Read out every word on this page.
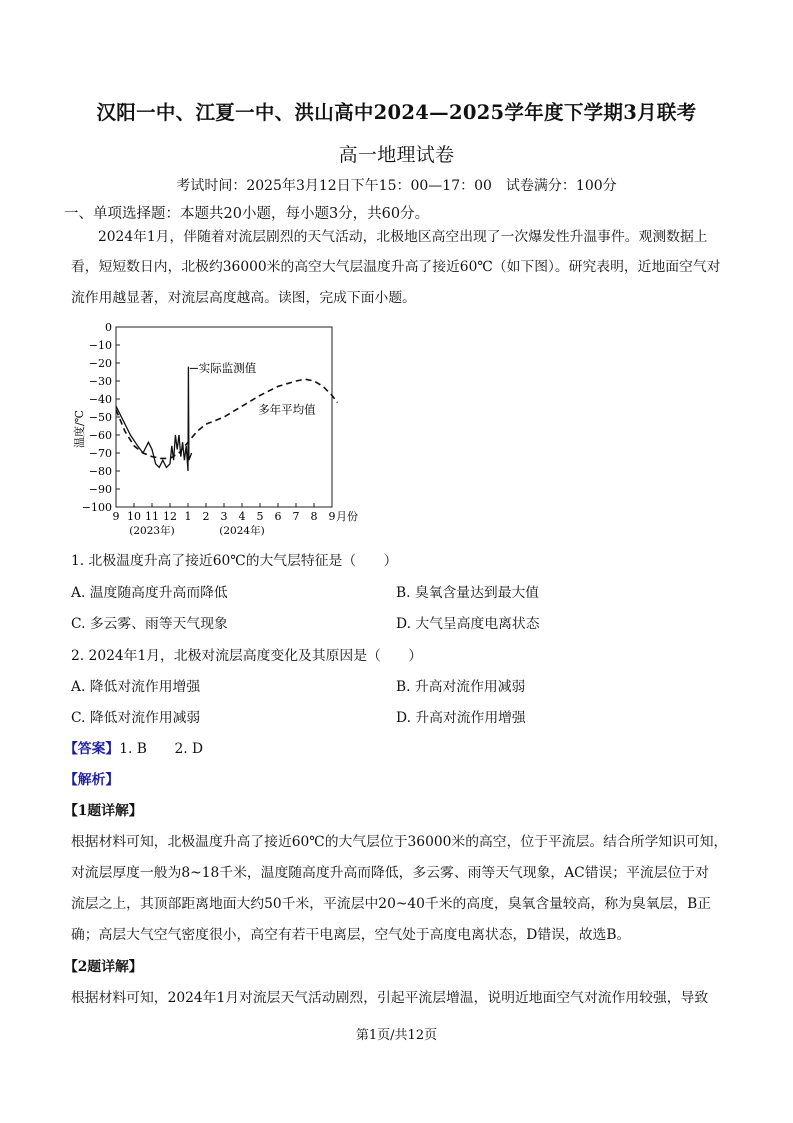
汉阳一中、江夏一中、洪山高中2024—2025学年度下学期3月联考
高一地理试卷
考试时间：2025年3月12日下午15：00—17：00　试卷满分：100分
一、单项选择题：本题共20小题，每小题3分，共60分。
2024年1月，伴随着对流层剧烈的天气活动，北极地区高空出现了一次爆发性升温事件。观测数据上
看，短短数日内，北极约36000米的高空大气层温度升高了接近60℃（如下图）。研究表明，近地面空气对
流作用越显著，对流层高度越高。读图，完成下面小题。
0
−10
−20
−30
−40
−50
−60
−70
−80
−90
−100
9 10 11 12 1 2 3 4 5 6 7 8 9 月份
(2023年)	(2024年)
温度/℃
实际监测值
多年平均值
1. 北极温度升高了接近60℃的大气层特征是（　　）
A. 温度随高度升高而降低	B. 臭氧含量达到最大值
C. 多云雾、雨等天气现象	D. 大气呈高度电离状态
2. 2024年1月，北极对流层高度变化及其原因是（　　）
A. 降低对流作用增强	B. 升高对流作用减弱
C. 降低对流作用减弱	D. 升高对流作用增强
【答案】1. B　　2. D
【解析】
【1题详解】
根据材料可知，北极温度升高了接近60℃的大气层位于36000米的高空，位于平流层。结合所学知识可知，
对流层厚度一般为8~18千米，温度随高度升高而降低，多云雾、雨等天气现象，AC错误；平流层位于对
流层之上，其顶部距离地面大约50千米，平流层中20~40千米的高度，臭氧含量较高，称为臭氧层，B正
确；高层大气空气密度很小，高空有若干电离层，空气处于高度电离状态，D错误，故选B。
【2题详解】
根据材料可知，2024年1月对流层天气活动剧烈，引起平流层增温，说明近地面空气对流作用较强，导致
第1页/共12页
